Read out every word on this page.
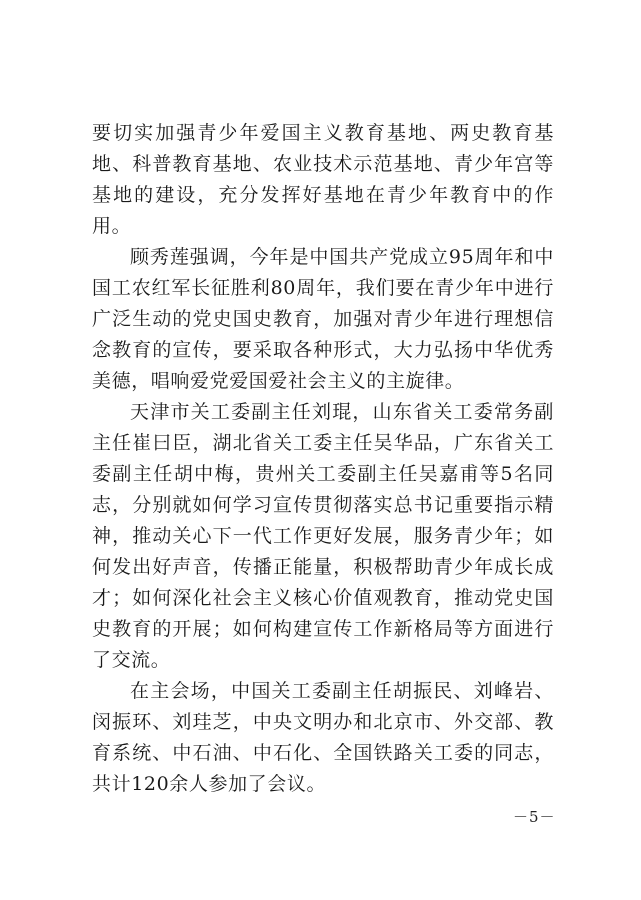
要切实加强青少年爱国主义教育基地、两史教育基地、科普教育基地、农业技术示范基地、青少年宫等基地的建设，充分发挥好基地在青少年教育中的作用。

顾秀莲强调，今年是中国共产党成立95周年和中国工农红军长征胜利80周年，我们要在青少年中进行广泛生动的党史国史教育，加强对青少年进行理想信念教育的宣传，要采取各种形式，大力弘扬中华优秀美德，唱响爱党爱国爱社会主义的主旋律。

天津市关工委副主任刘琨，山东省关工委常务副主任崔曰臣，湖北省关工委主任吴华品，广东省关工委副主任胡中梅，贵州关工委副主任吴嘉甫等5名同志，分别就如何学习宣传贯彻落实总书记重要指示精神，推动关心下一代工作更好发展，服务青少年；如何发出好声音，传播正能量，积极帮助青少年成长成才；如何深化社会主义核心价值观教育，推动党史国史教育的开展；如何构建宣传工作新格局等方面进行了交流。

在主会场，中国关工委副主任胡振民、刘峰岩、闵振环、刘珪芝，中央文明办和北京市、外交部、教育系统、中石油、中石化、全国铁路关工委的同志，共计120余人参加了会议。

－5－
